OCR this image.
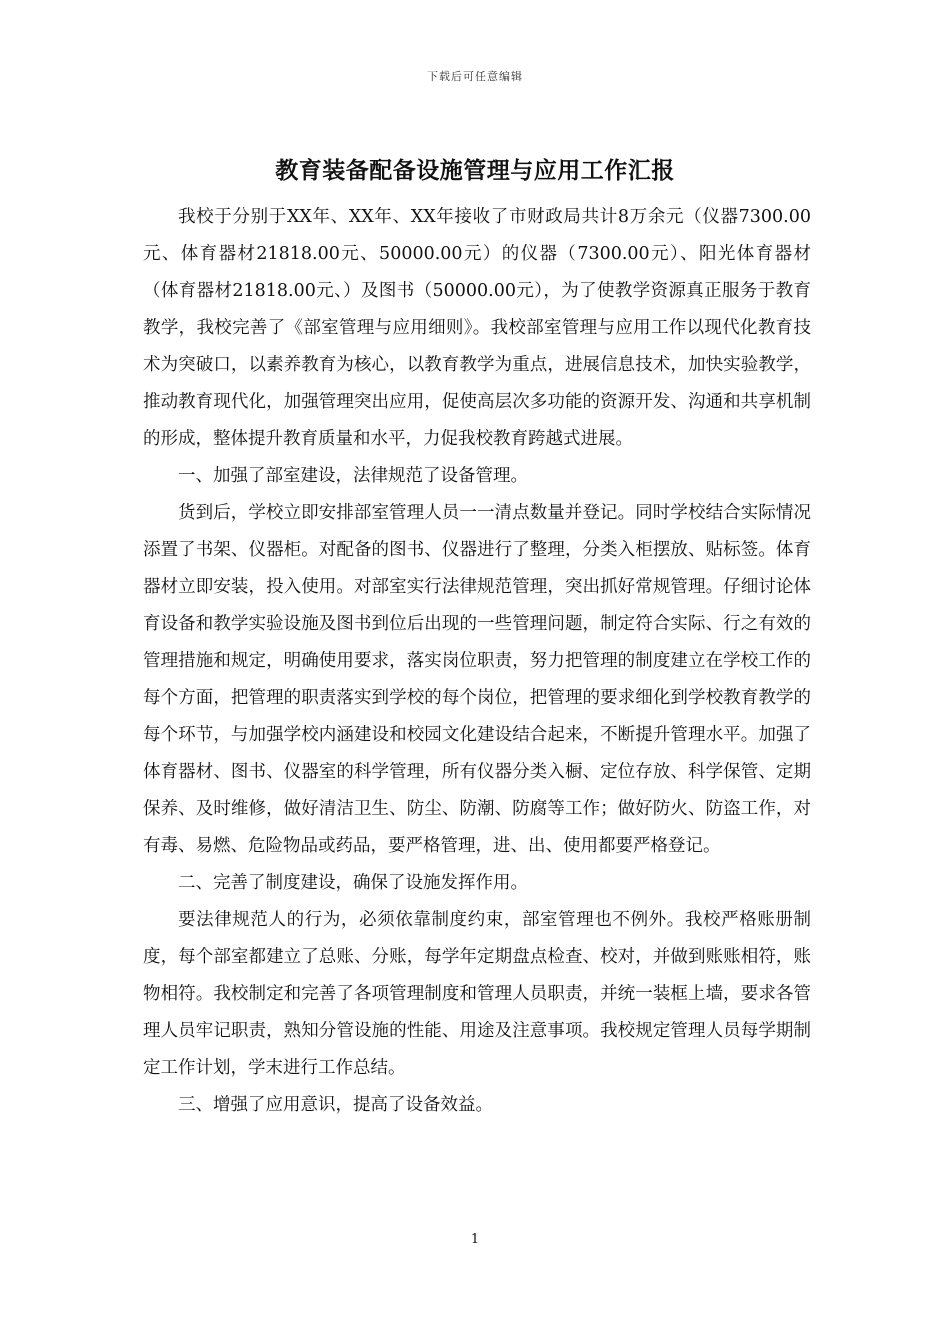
下载后可任意编辑
教育装备配备设施管理与应用工作汇报

我校于分别于XX年、XX年、XX年接收了市财政局共计8万余元（仪器7300.00元、体育器材21818.00元、50000.00元）的仪器（7300.00元）、阳光体育器材（体育器材21818.00元、）及图书（50000.00元），为了使教学资源真正服务于教育教学，我校完善了《部室管理与应用细则》。我校部室管理与应用工作以现代化教育技术为突破口，以素养教育为核心，以教育教学为重点，进展信息技术，加快实验教学，推动教育现代化，加强管理突出应用，促使高层次多功能的资源开发、沟通和共享机制的形成，整体提升教育质量和水平，力促我校教育跨越式进展。

一、加强了部室建设，法律规范了设备管理。

货到后，学校立即安排部室管理人员一一清点数量并登记。同时学校结合实际情况添置了书架、仪器柜。对配备的图书、仪器进行了整理，分类入柜摆放、贴标签。体育器材立即安装，投入使用。对部室实行法律规范管理，突出抓好常规管理。仔细讨论体育设备和教学实验设施及图书到位后出现的一些管理问题，制定符合实际、行之有效的管理措施和规定，明确使用要求，落实岗位职责，努力把管理的制度建立在学校工作的每个方面，把管理的职责落实到学校的每个岗位，把管理的要求细化到学校教育教学的每个环节，与加强学校内涵建设和校园文化建设结合起来，不断提升管理水平。加强了体育器材、图书、仪器室的科学管理，所有仪器分类入橱、定位存放、科学保管、定期保养、及时维修，做好清洁卫生、防尘、防潮、防腐等工作；做好防火、防盗工作，对有毒、易燃、危险物品或药品，要严格管理，进、出、使用都要严格登记。

二、完善了制度建设，确保了设施发挥作用。

要法律规范人的行为，必须依靠制度约束，部室管理也不例外。我校严格账册制度，每个部室都建立了总账、分账，每学年定期盘点检查、校对，并做到账账相符，账物相符。我校制定和完善了各项管理制度和管理人员职责，并统一装框上墙，要求各管理人员牢记职责，熟知分管设施的性能、用途及注意事项。我校规定管理人员每学期制定工作计划，学末进行工作总结。

三、增强了应用意识，提高了设备效益。

1
